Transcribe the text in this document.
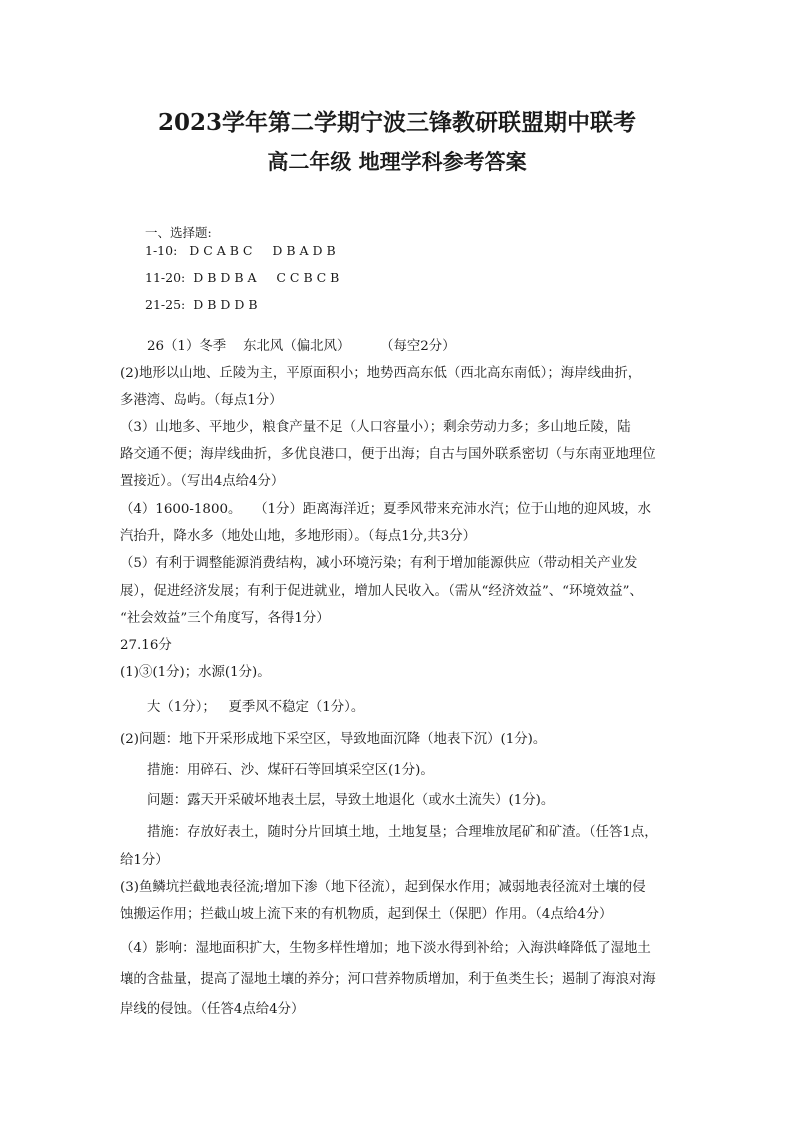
2023学年第二学期宁波三锋教研联盟期中联考
高二年级 地理学科参考答案
一、选择题:
1-10:   D C A B C     D B A D B
11-20:  D B D B A     C C B C B
21-25:  D B D D B
26（1）冬季    东北风（偏北风）       （每空2分）
(2)地形以山地、丘陵为主，平原面积小；地势西高东低（西北高东南低）；海岸线曲折，
多港湾、岛屿。（每点1分）
（3）山地多、平地少，粮食产量不足（人口容量小）；剩余劳动力多；多山地丘陵，陆
路交通不便；海岸线曲折，多优良港口，便于出海；自古与国外联系密切（与东南亚地理位
置接近）。（写出4点给4分）
（4）1600-1800。   （1分）距离海洋近；夏季风带来充沛水汽；位于山地的迎风坡，水
汽抬升，降水多（地处山地，多地形雨）。（每点1分,共3分）
（5）有利于调整能源消费结构，减小环境污染；有利于增加能源供应（带动相关产业发
展），促进经济发展；有利于促进就业，增加人民收入。（需从“经济效益”、“环境效益”、
“社会效益”三个角度写，各得1分）
27.16分
(1)③(1分)；水源(1分)。
大（1分）；   夏季风不稳定（1分）。
(2)问题：地下开采形成地下采空区，导致地面沉降（地表下沉）(1分)。
措施：用碎石、沙、煤矸石等回填采空区(1分)。
问题：露天开采破坏地表土层，导致土地退化（或水土流失）(1分)。
措施：存放好表土，随时分片回填土地，土地复垦；合理堆放尾矿和矿渣。（任答1点，
给1分）
(3)鱼鳞坑拦截地表径流;增加下渗（地下径流），起到保水作用；减弱地表径流对土壤的侵
蚀搬运作用；拦截山坡上流下来的有机物质，起到保土（保肥）作用。（4点给4分）
（4）影响：湿地面积扩大，生物多样性增加；地下淡水得到补给；入海洪峰降低了湿地土
壤的含盐量，提高了湿地土壤的养分；河口营养物质增加，利于鱼类生长；遏制了海浪对海
岸线的侵蚀。（任答4点给4分）
